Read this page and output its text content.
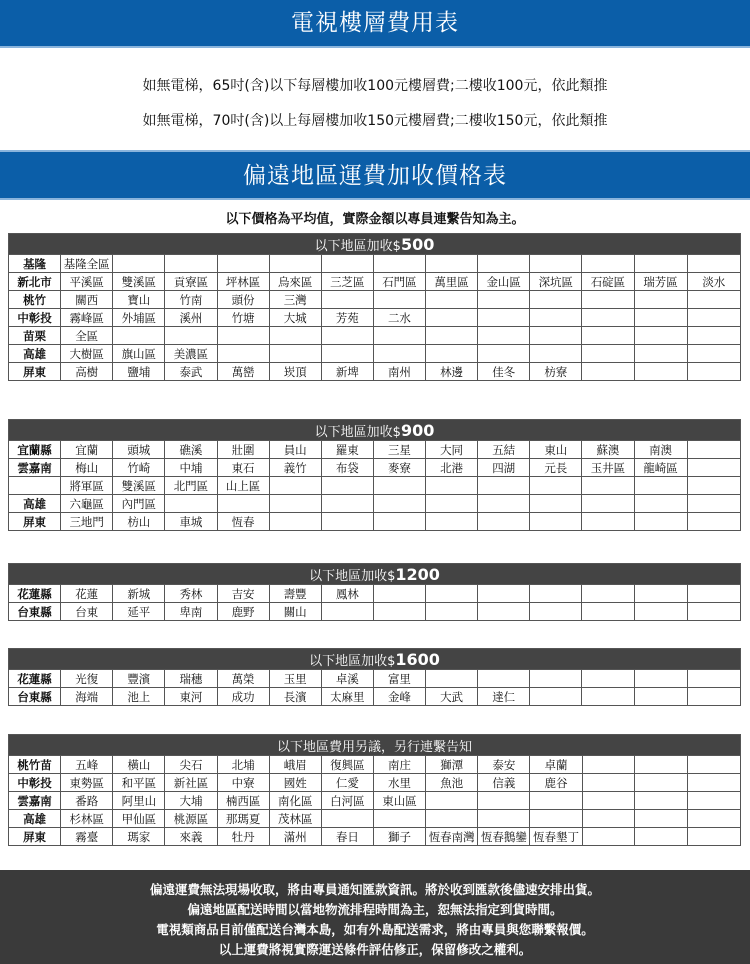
電視樓層費用表
如無電梯，65吋(含)以下每層樓加收100元樓層費;二樓收100元，依此類推
如無電梯，70吋(含)以上每層樓加收150元樓層費;二樓收150元，依此類推
偏遠地區運費加收價格表
以下價格為平均值，實際金額以專員連繫告知為主。
以下地區加收$500													
基隆	基隆全區												
新北市	平溪區	雙溪區	貢寮區	坪林區	烏來區	三芝區	石門區	萬里區	金山區	深坑區	石碇區	瑞芳區	淡水
桃竹	關西	寶山	竹南	頭份	三灣								
中彰投	霧峰區	外埔區	溪州	竹塘	大城	芳苑	二水						
苗栗	全區												
高雄	大樹區	旗山區	美濃區										
屏東	高樹	鹽埔	泰武	萬巒	崁頂	新埤	南州	林邊	佳冬	枋寮			
以下地區加收$900													
宜蘭縣	宜蘭	頭城	礁溪	壯圍	員山	羅東	三星	大同	五結	東山	蘇澳	南澳	
雲嘉南	梅山	竹崎	中埔	東石	義竹	布袋	麥寮	北港	四湖	元長	玉井區	龍崎區	
	將軍區	雙溪區	北門區	山上區									
高雄	六龜區	內門區											
屏東	三地門	枋山	車城	恆春									
以下地區加收$1200													
花蓮縣	花蓮	新城	秀林	吉安	壽豐	鳳林							
台東縣	台東	延平	卑南	鹿野	關山								
以下地區加收$1600													
花蓮縣	光復	豐濱	瑞穗	萬榮	玉里	卓溪	富里						
台東縣	海端	池上	東河	成功	長濱	太麻里	金峰	大武	達仁				
以下地區費用另議，另行連繫告知													
桃竹苗	五峰	橫山	尖石	北埔	峨眉	復興區	南庄	獅潭	泰安	卓蘭			
中彰投	東勢區	和平區	新社區	中寮	國姓	仁愛	水里	魚池	信義	鹿谷			
雲嘉南	番路	阿里山	大埔	楠西區	南化區	白河區	東山區						
高雄	杉林區	甲仙區	桃源區	那瑪夏	茂林區								
屏東	霧臺	瑪家	來義	牡丹	滿州	春日	獅子	恆春南灣	恆春鵝鑾	恆春墾丁			
偏遠運費無法現場收取，將由專員通知匯款資訊。將於收到匯款後儘速安排出貨。
偏遠地區配送時間以當地物流排程時間為主，恕無法指定到貨時間。
電視類商品目前僅配送台灣本島，如有外島配送需求，將由專員與您聯繫報價。
以上運費將視實際運送條件評估修正，保留修改之權利。
